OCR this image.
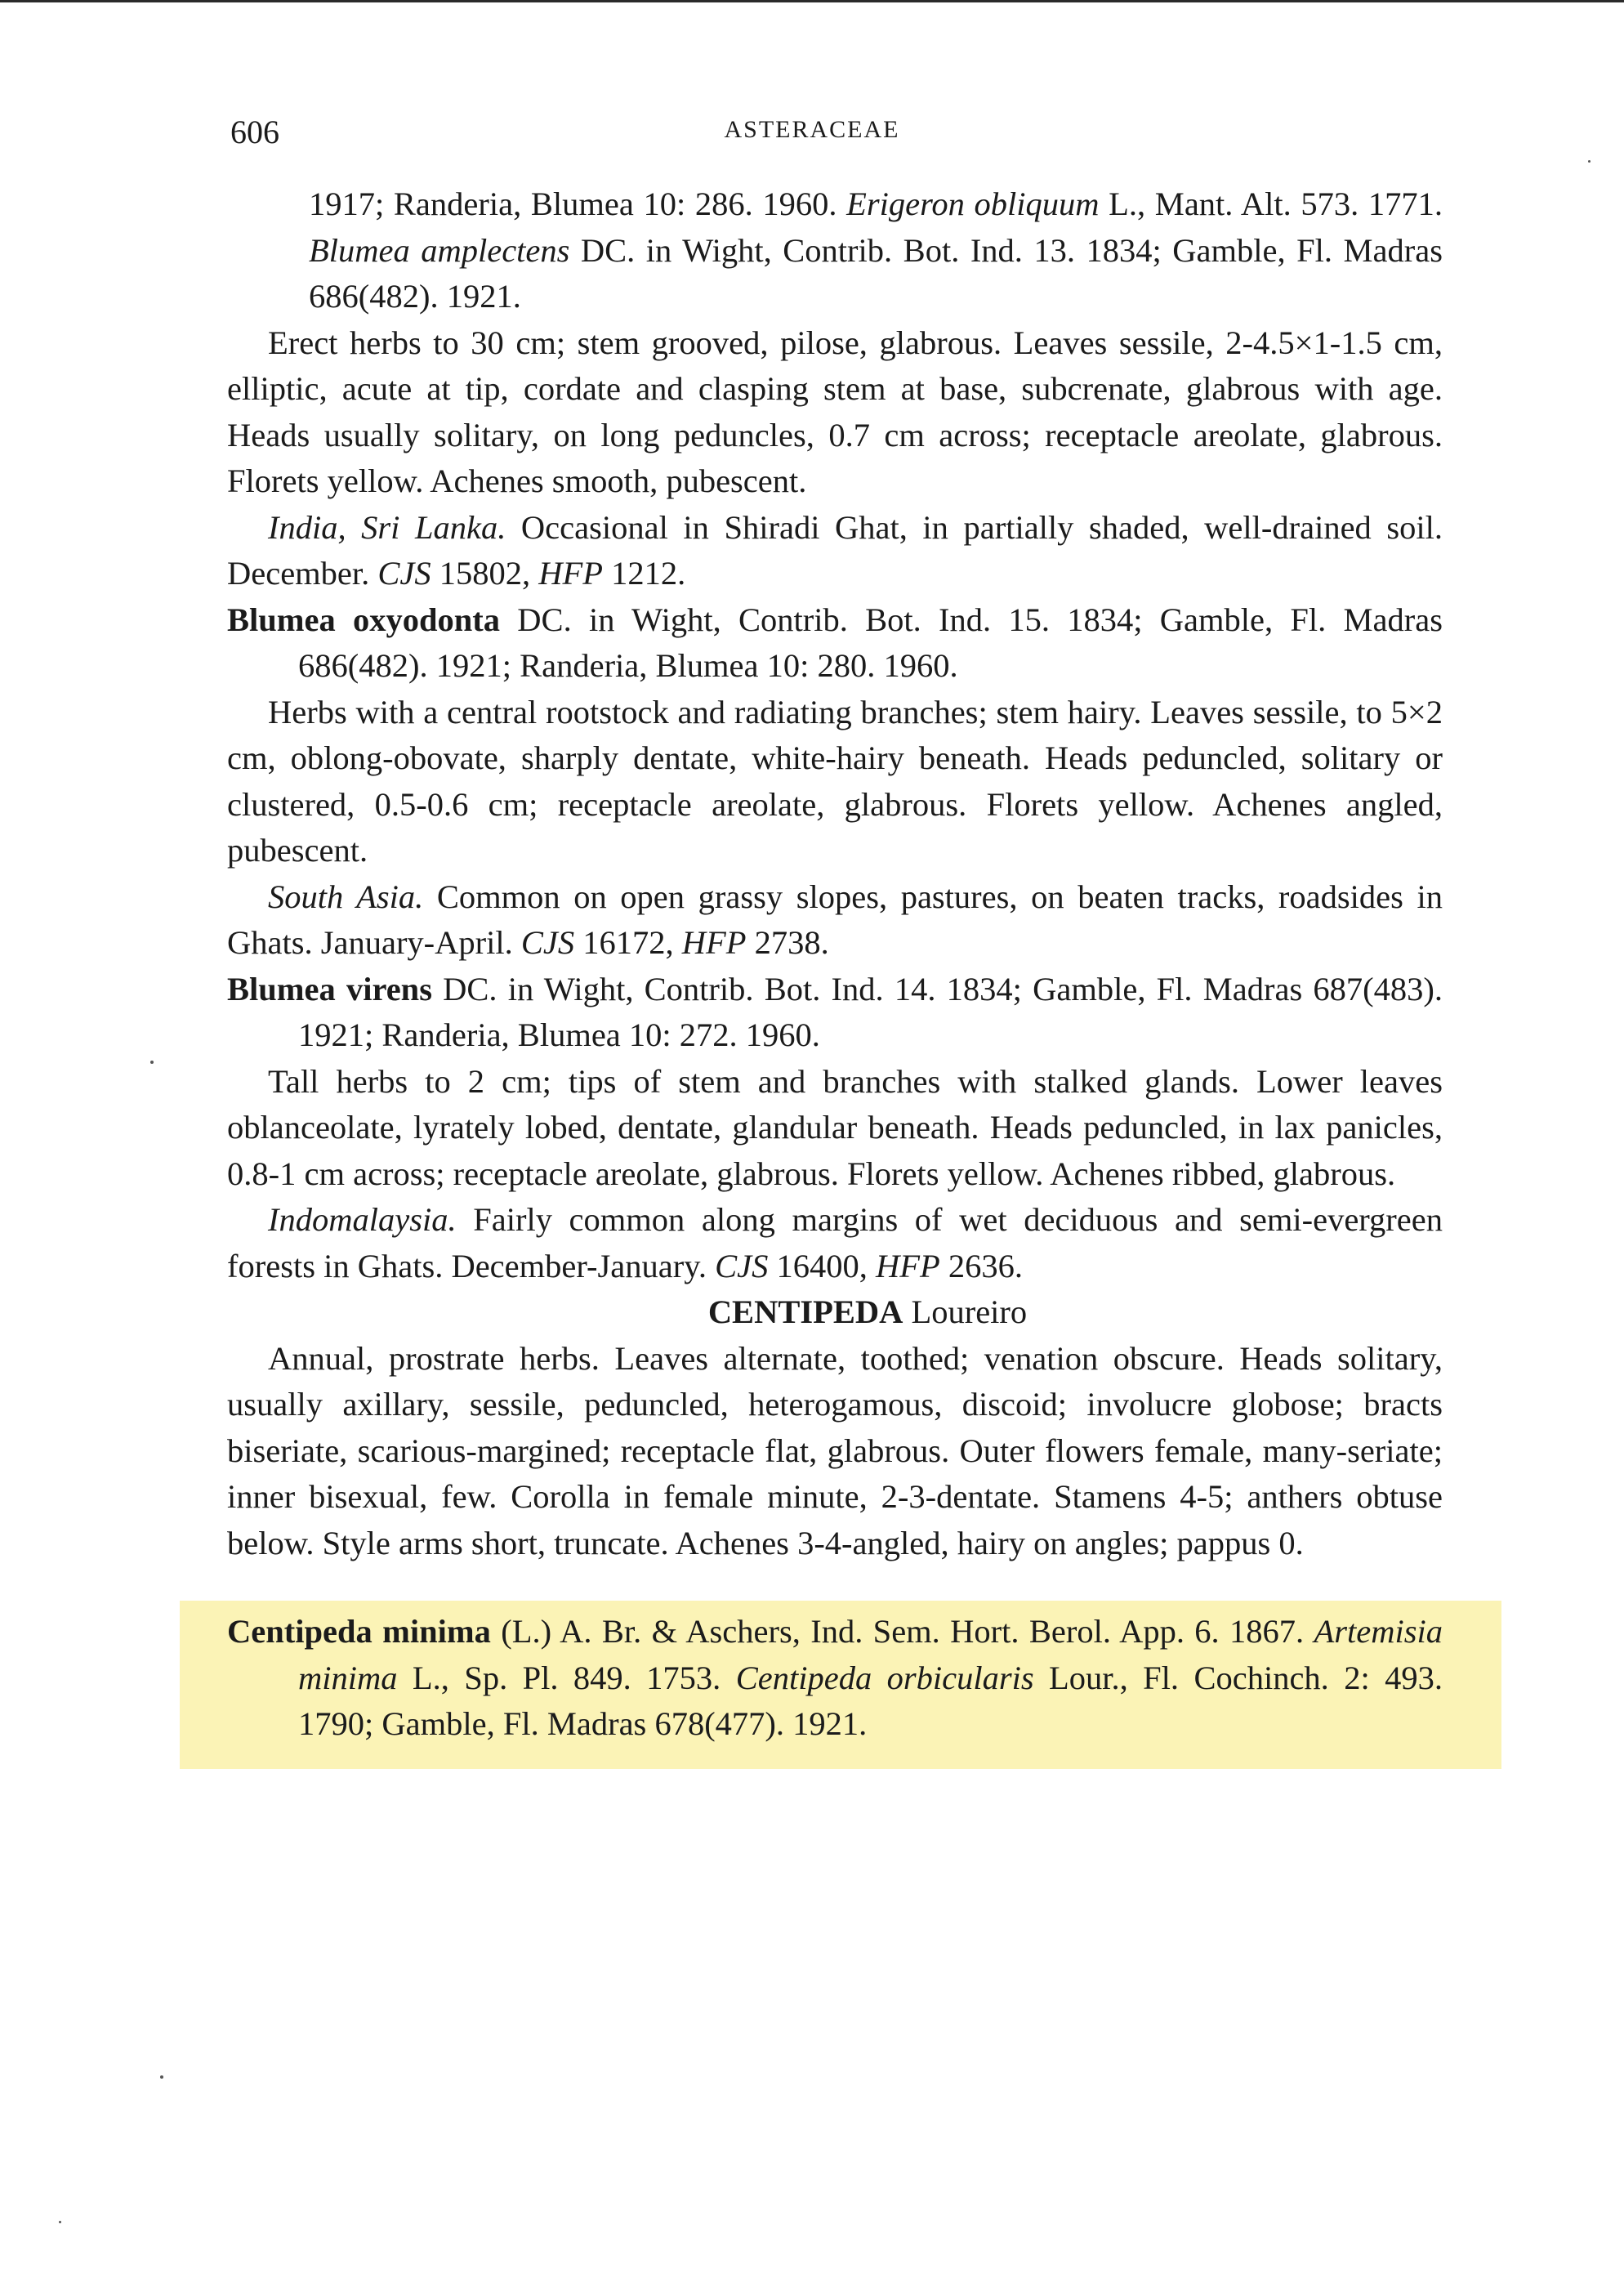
606	ASTERACEAE

1917; Randeria, Blumea 10: 286. 1960. Erigeron obliquum L., Mant. Alt. 573. 1771. Blumea amplectens DC. in Wight, Contrib. Bot. Ind. 13. 1834; Gamble, Fl. Madras 686(482). 1921.

Erect herbs to 30 cm; stem grooved, pilose, glabrous. Leaves sessile, 2-4.5×1-1.5 cm, elliptic, acute at tip, cordate and clasping stem at base, subcrenate, glabrous with age. Heads usually solitary, on long peduncles, 0.7 cm across; receptacle areolate, glabrous. Florets yellow. Achenes smooth, pubescent.

India, Sri Lanka. Occasional in Shiradi Ghat, in partially shaded, well-drained soil. December. CJS 15802, HFP 1212.

Blumea oxyodonta DC. in Wight, Contrib. Bot. Ind. 15. 1834; Gamble, Fl. Madras 686(482). 1921; Randeria, Blumea 10: 280. 1960.

Herbs with a central rootstock and radiating branches; stem hairy. Leaves sessile, to 5×2 cm, oblong-obovate, sharply dentate, white-hairy beneath. Heads peduncled, solitary or clustered, 0.5-0.6 cm; receptacle areolate, glabrous. Florets yellow. Achenes angled, pubescent.

South Asia. Common on open grassy slopes, pastures, on beaten tracks, roadsides in Ghats. January-April. CJS 16172, HFP 2738.

Blumea virens DC. in Wight, Contrib. Bot. Ind. 14. 1834; Gamble, Fl. Madras 687(483). 1921; Randeria, Blumea 10: 272. 1960.

Tall herbs to 2 cm; tips of stem and branches with stalked glands. Lower leaves oblanceolate, lyrately lobed, dentate, glandular beneath. Heads peduncled, in lax panicles, 0.8-1 cm across; receptacle areolate, glabrous. Florets yellow. Achenes ribbed, glabrous.

Indomalaysia. Fairly common along margins of wet deciduous and semi-evergreen forests in Ghats. December-January. CJS 16400, HFP 2636.

CENTIPEDA Loureiro

Annual, prostrate herbs. Leaves alternate, toothed; venation obscure. Heads solitary, usually axillary, sessile, peduncled, heterogamous, discoid; involucre globose; bracts biseriate, scarious-margined; receptacle flat, glabrous. Outer flowers female, many-seriate; inner bisexual, few. Corolla in female minute, 2-3-dentate. Stamens 4-5; anthers obtuse below. Style arms short, truncate. Achenes 3-4-angled, hairy on angles; pappus 0.

Centipeda minima (L.) A. Br. & Aschers, Ind. Sem. Hort. Berol. App. 6. 1867. Artemisia minima L., Sp. Pl. 849. 1753. Centipeda orbicularis Lour., Fl. Cochinch. 2: 493. 1790; Gamble, Fl. Madras 678(477). 1921.
